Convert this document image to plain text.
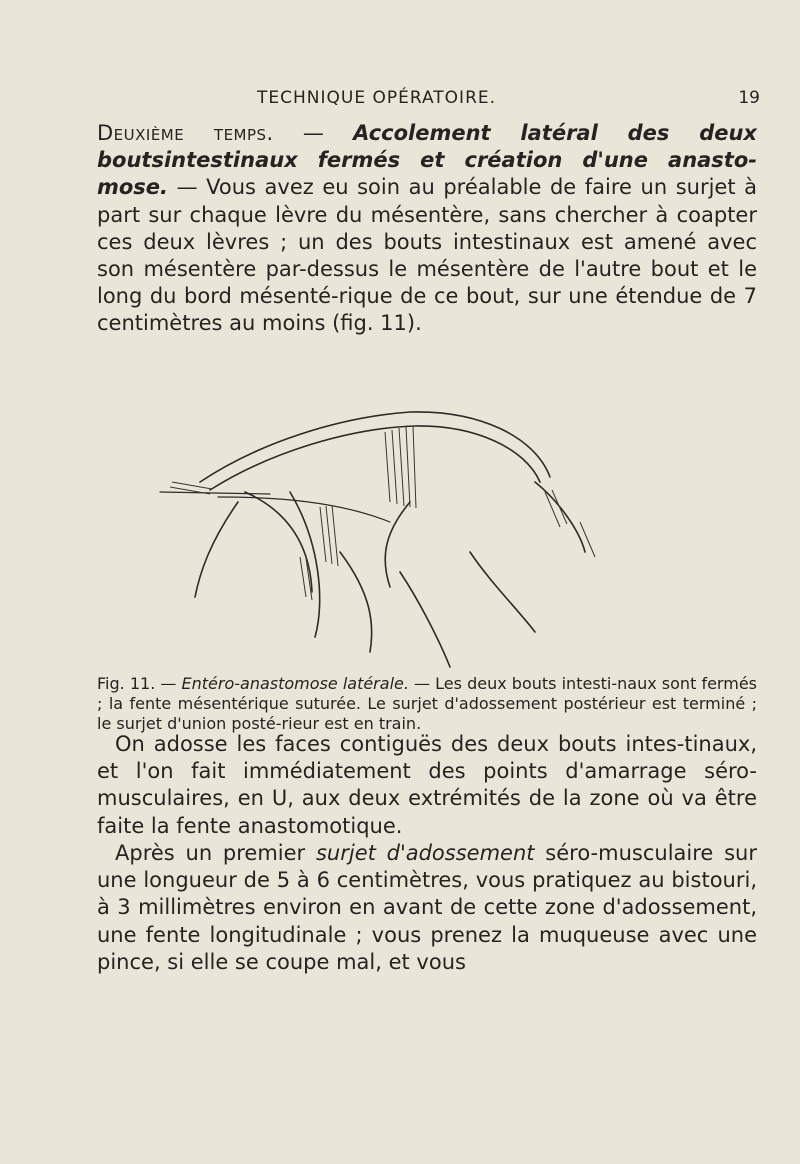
TECHNIQUE OPÉRATOIRE.	19
Deuxième temps. — Accolement latéral des deux boutsintestinaux fermés et création d'une anasto-mose. — Vous avez eu soin au préalable de faire un surjet à part sur chaque lèvre du mésentère, sans chercher à coapter ces deux lèvres ; un des bouts intestinaux est amené avec son mésentère par-dessus le mésentère de l'autre bout et le long du bord mésenté-rique de ce bout, sur une étendue de 7 centimètres au moins (fig. 11).
Fig. 11. — Entéro-anastomose latérale. — Les deux bouts intesti-naux sont fermés ; la fente mésentérique suturée. Le surjet d'adossement postérieur est terminé ; le surjet d'union posté-rieur est en train.
On adosse les faces contiguës des deux bouts intes-tinaux, et l'on fait immédiatement des points d'amarrage séro-musculaires, en U, aux deux extrémités de la zone où va être faite la fente anastomotique.
Après un premier surjet d'adossement séro-musculaire sur une longueur de 5 à 6 centimètres, vous pratiquez au bistouri, à 3 millimètres environ en avant de cette zone d'adossement, une fente longitudinale ; vous prenez la muqueuse avec une pince, si elle se coupe mal, et vous
